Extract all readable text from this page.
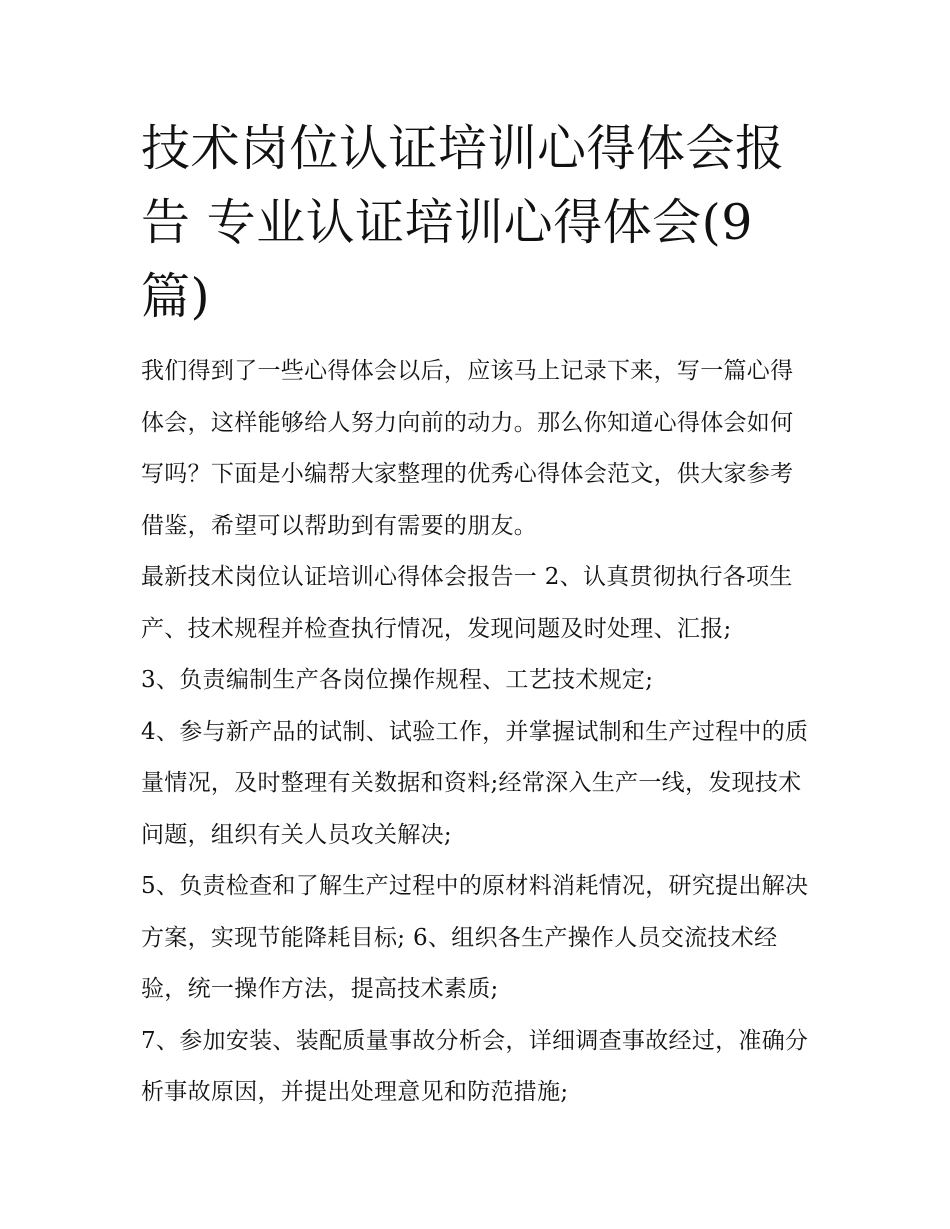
技术岗位认证培训心得体会报告 专业认证培训心得体会(9篇)

我们得到了一些心得体会以后，应该马上记录下来，写一篇心得体会，这样能够给人努力向前的动力。那么你知道心得体会如何写吗？下面是小编帮大家整理的优秀心得体会范文，供大家参考借鉴，希望可以帮助到有需要的朋友。

最新技术岗位认证培训心得体会报告一 2、认真贯彻执行各项生产、技术规程并检查执行情况，发现问题及时处理、汇报;

3、负责编制生产各岗位操作规程、工艺技术规定;

4、参与新产品的试制、试验工作，并掌握试制和生产过程中的质量情况，及时整理有关数据和资料;经常深入生产一线，发现技术问题，组织有关人员攻关解决;

5、负责检查和了解生产过程中的原材料消耗情况，研究提出解决方案，实现节能降耗目标; 6、组织各生产操作人员交流技术经验，统一操作方法，提高技术素质;

7、参加安装、装配质量事故分析会，详细调查事故经过，准确分析事故原因，并提出处理意见和防范措施;
